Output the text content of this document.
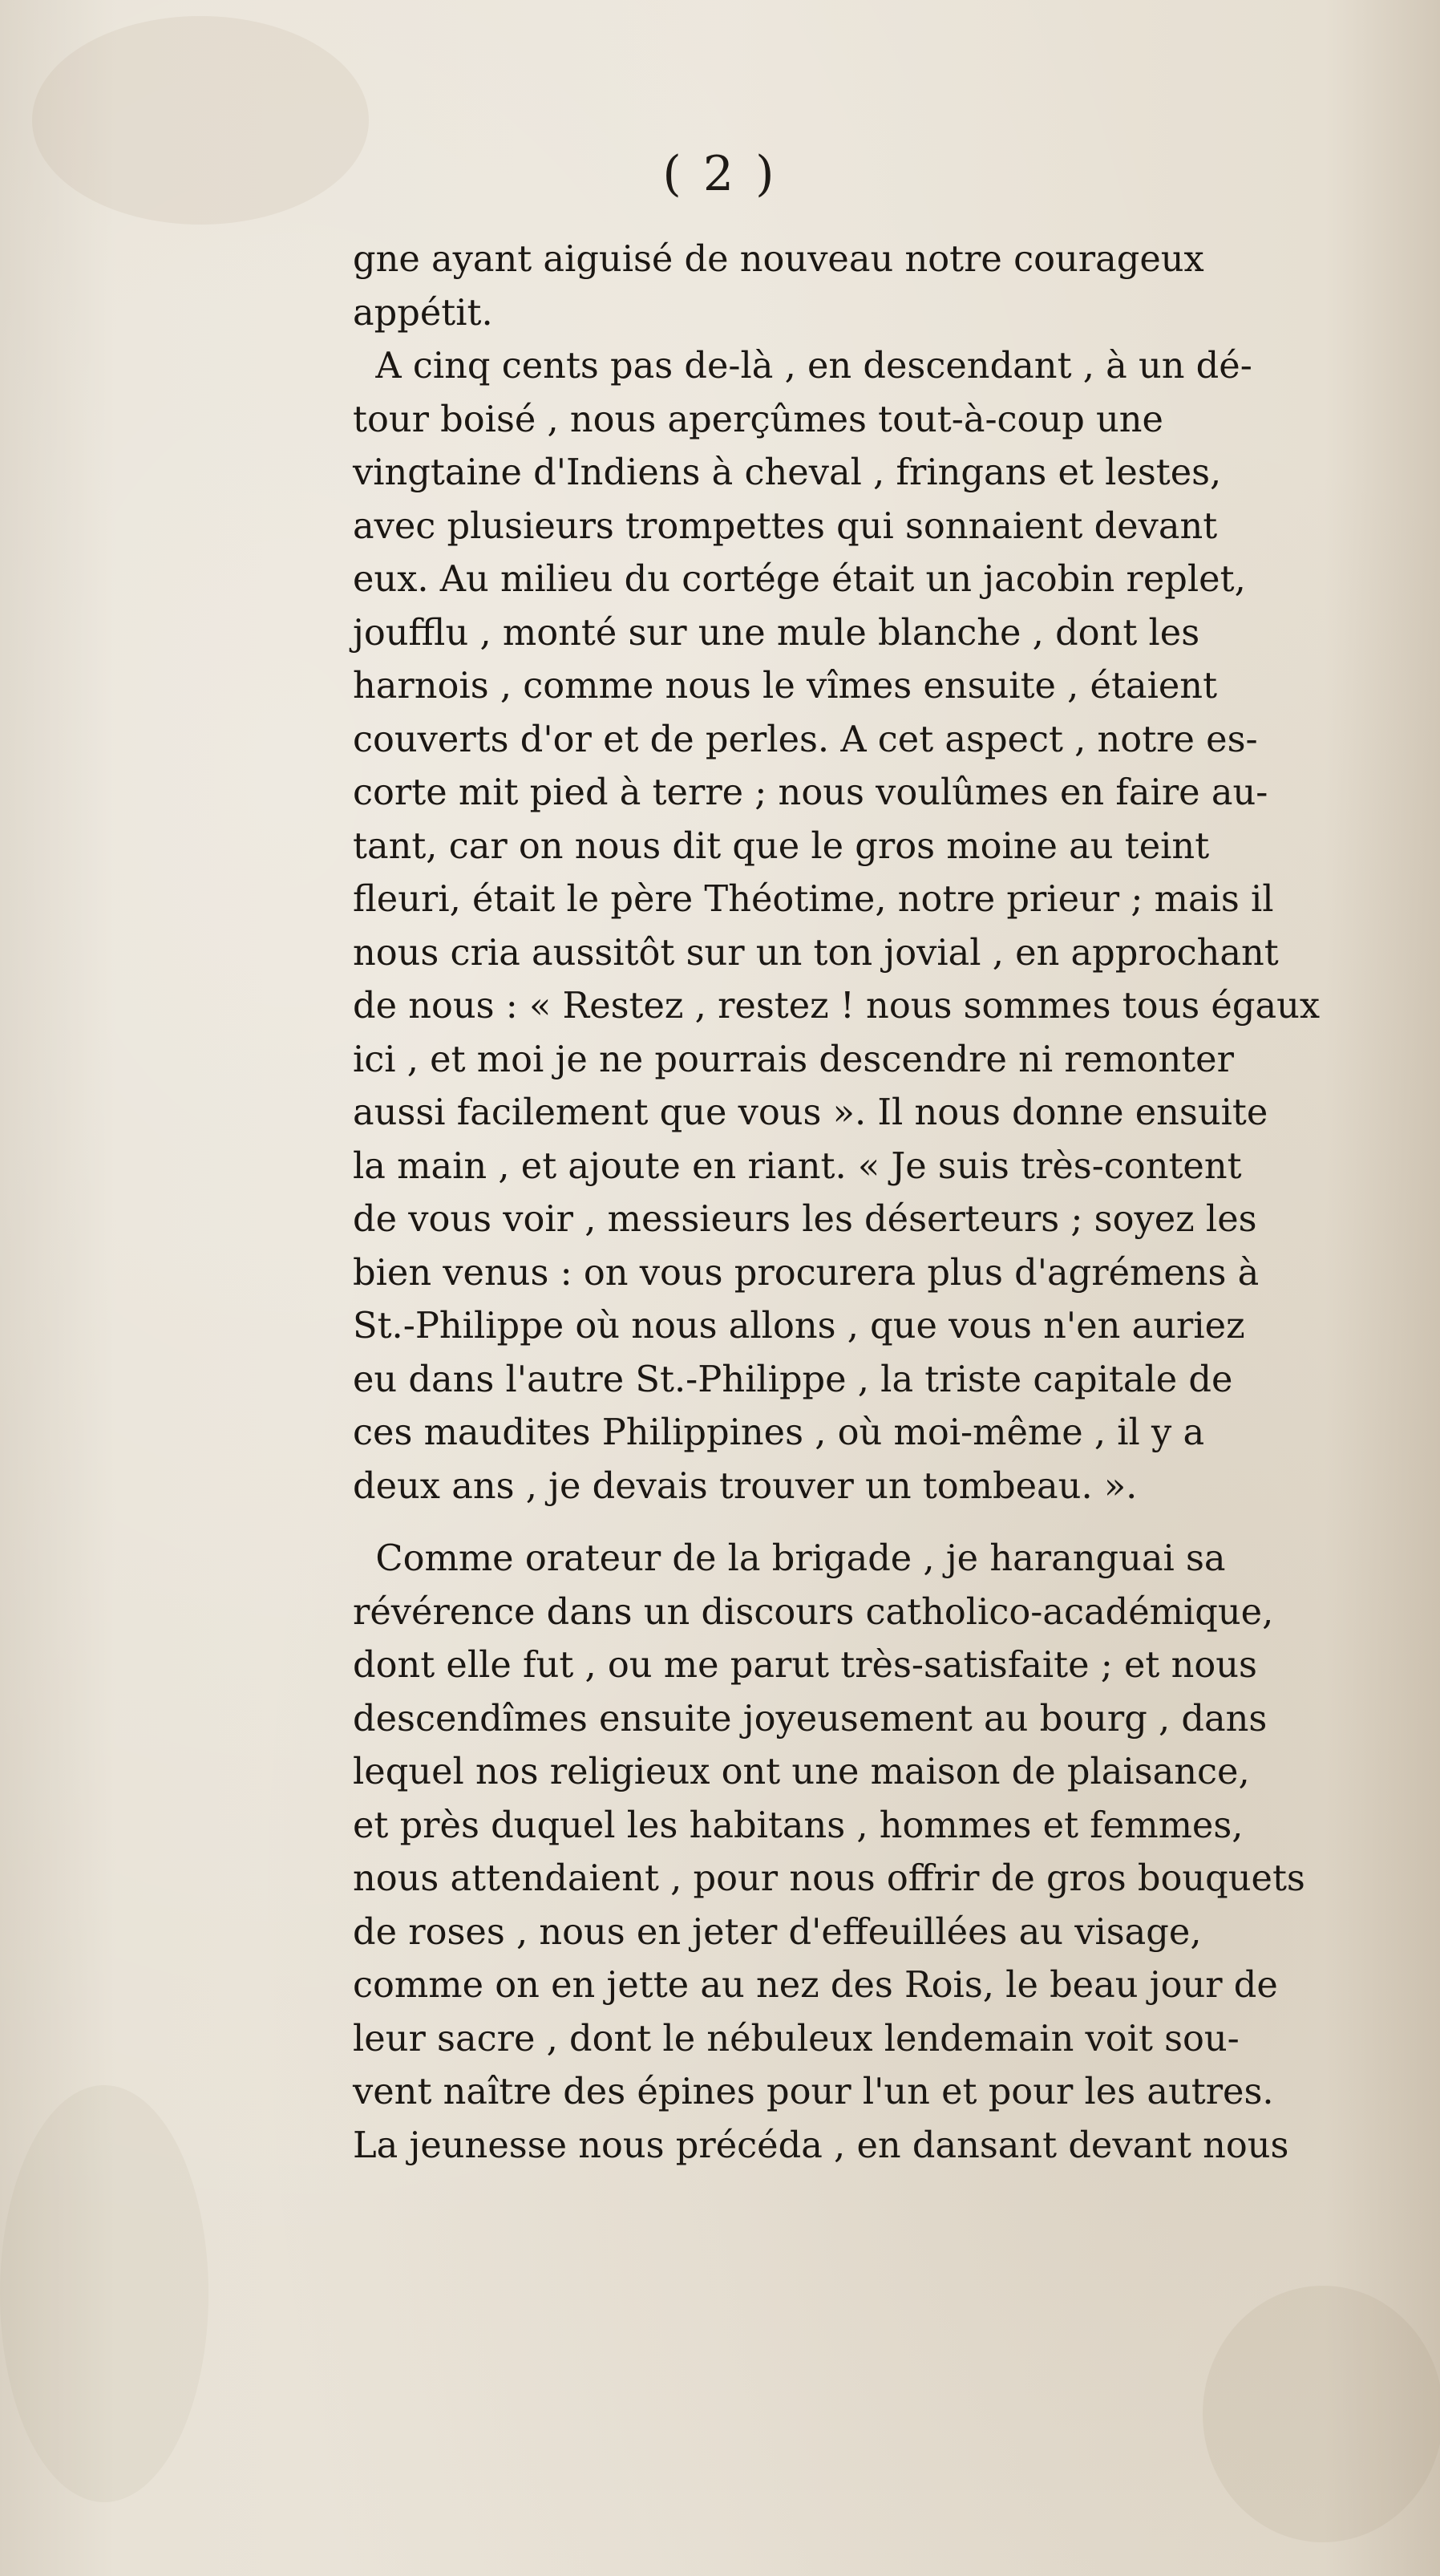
( 2 )
gne ayant aiguisé de nouveau notre courageux
appétit.
A cinq cents pas de-là , en descendant , à un dé-
tour boisé , nous aperçûmes tout-à-coup une
vingtaine d'Indiens à cheval , fringans et lestes,
avec plusieurs trompettes qui sonnaient devant
eux. Au milieu du cortége était un jacobin replet,
joufflu , monté sur une mule blanche , dont les
harnois , comme nous le vîmes ensuite , étaient
couverts d'or et de perles. A cet aspect , notre es-
corte mit pied à terre ; nous voulûmes en faire au-
tant, car on nous dit que le gros moine au teint
fleuri, était le père Théotime, notre prieur ; mais il
nous cria aussitôt sur un ton jovial , en approchant
de nous : « Restez , restez ! nous sommes tous égaux
ici , et moi je ne pourrais descendre ni remonter
aussi facilement que vous ». Il nous donne ensuite
la main , et ajoute en riant. « Je suis très-content
de vous voir , messieurs les déserteurs ; soyez les
bien venus : on vous procurera plus d'agrémens à
St.-Philippe où nous allons , que vous n'en auriez
eu dans l'autre St.-Philippe , la triste capitale de
ces maudites Philippines , où moi-même , il y a
deux ans , je devais trouver un tombeau. ».
Comme orateur de la brigade , je haranguai sa
révérence dans un discours catholico-académique,
dont elle fut , ou me parut très-satisfaite ; et nous
descendîmes ensuite joyeusement au bourg , dans
lequel nos religieux ont une maison de plaisance,
et près duquel les habitans , hommes et femmes,
nous attendaient , pour nous offrir de gros bouquets
de roses , nous en jeter d'effeuillées au visage,
comme on en jette au nez des Rois, le beau jour de
leur sacre , dont le nébuleux lendemain voit sou-
vent naître des épines pour l'un et pour les autres.
La jeunesse nous précéda , en dansant devant nous
